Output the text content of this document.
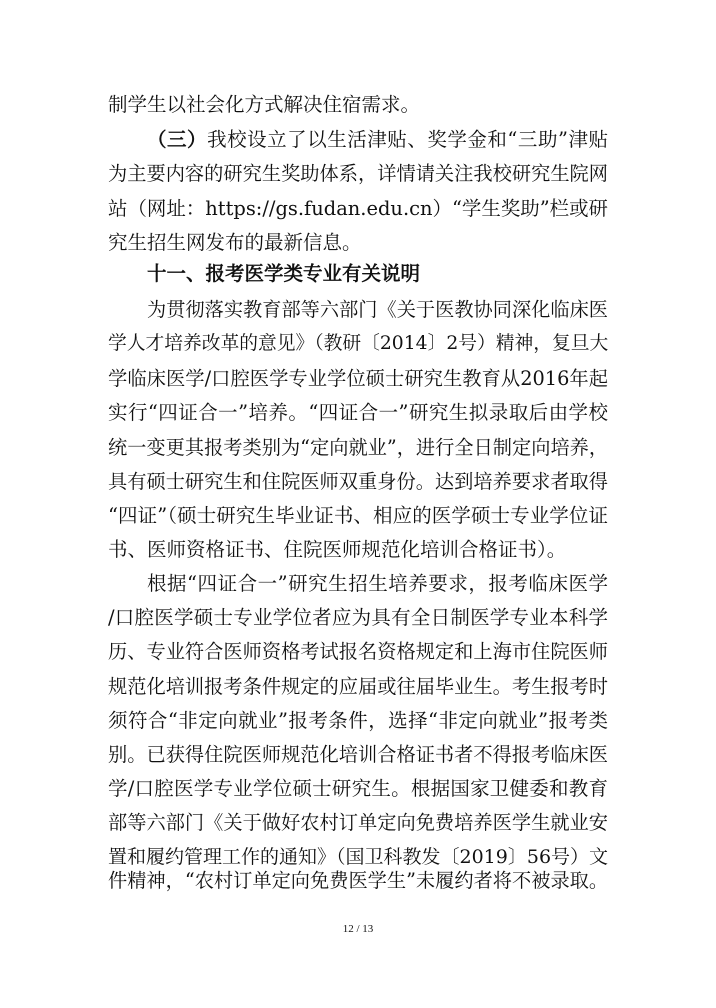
制学生以社会化方式解决住宿需求。
（三）我校设立了以生活津贴、奖学金和“三助”津贴
为主要内容的研究生奖助体系，详情请关注我校研究生院网
站（网址：https://gs.fudan.edu.cn）“学生奖助”栏或研
究生招生网发布的最新信息。
十一、报考医学类专业有关说明
为贯彻落实教育部等六部门《关于医教协同深化临床医
学人才培养改革的意见》（教研〔2014〕2号）精神，复旦大
学临床医学/口腔医学专业学位硕士研究生教育从2016年起
实行“四证合一”培养。“四证合一”研究生拟录取后由学校
统一变更其报考类别为“定向就业”，进行全日制定向培养，
具有硕士研究生和住院医师双重身份。达到培养要求者取得
“四证”（硕士研究生毕业证书、相应的医学硕士专业学位证
书、医师资格证书、住院医师规范化培训合格证书）。
根据“四证合一”研究生招生培养要求，报考临床医学
/口腔医学硕士专业学位者应为具有全日制医学专业本科学
历、专业符合医师资格考试报名资格规定和上海市住院医师
规范化培训报考条件规定的应届或往届毕业生。考生报考时
须符合“非定向就业”报考条件，选择“非定向就业”报考类
别。已获得住院医师规范化培训合格证书者不得报考临床医
学/口腔医学专业学位硕士研究生。根据国家卫健委和教育
部等六部门《关于做好农村订单定向免费培养医学生就业安
置和履约管理工作的通知》（国卫科教发〔2019〕56号）文
件精神，“农村订单定向免费医学生”未履约者将不被录取。
12 / 13
